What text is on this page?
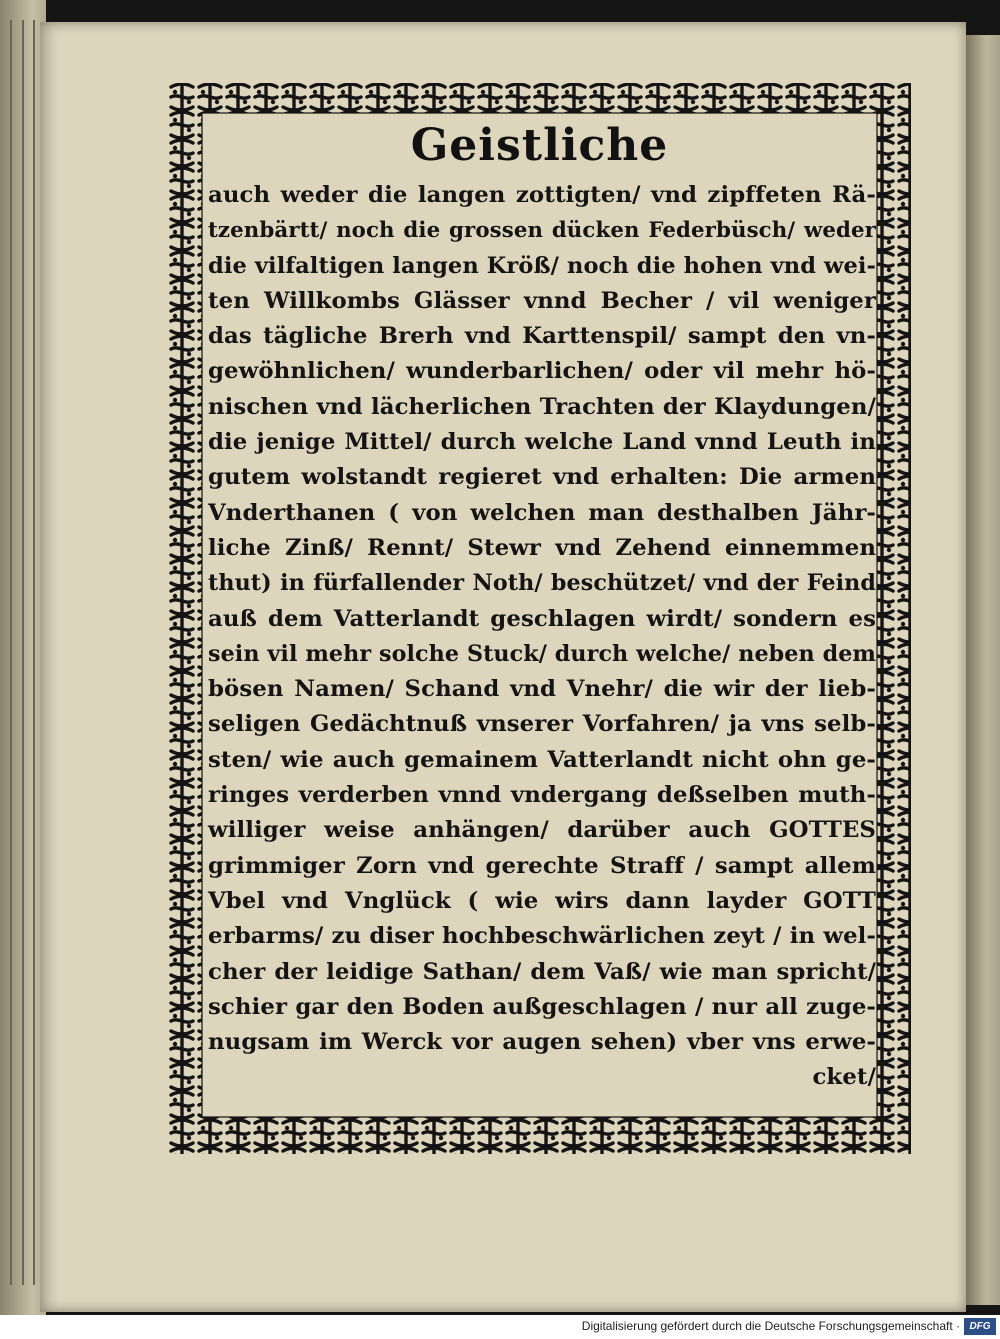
Geistliche
auch weder die langen zottigten/ vnd zipffeten Rä-
tzenbärtt/ noch die grossen dücken Federbüsch/ weder
die vilfaltigen langen Kröß/ noch die hohen vnd wei-
ten Willkombs Glässer vnnd Becher / vil weniger
das tägliche Brerh vnd Karttenspil/ sampt den vn-
gewöhnlichen/ wunderbarlichen/ oder vil mehr hö-
nischen vnd lächerlichen Trachten der Klaydungen/
die jenige Mittel/ durch welche Land vnnd Leuth in
gutem wolstandt regieret vnd erhalten: Die armen
Vnderthanen ( von welchen man desthalben Jähr-
liche Zinß/ Rennt/ Stewr vnd Zehend einnemmen
thut) in fürfallender Noth/ beschützet/ vnd der Feind
auß dem Vatterlandt geschlagen wirdt/ sondern es
sein vil mehr solche Stuck/ durch welche/ neben dem
bösen Namen/ Schand vnd Vnehr/ die wir der lieb-
seligen Gedächtnuß vnserer Vorfahren/ ja vns selb-
sten/ wie auch gemainem Vatterlandt nicht ohn ge-
ringes verderben vnnd vndergang deßselben muth-
williger weise anhängen/ darüber auch GOTTES
grimmiger Zorn vnd gerechte Straff / sampt allem
Vbel vnd Vnglück ( wie wirs dann layder GOTT
erbarms/ zu diser hochbeschwärlichen zeyt / in wel-
cher der leidige Sathan/ dem Vaß/ wie man spricht/
schier gar den Boden außgeschlagen / nur all zuge-
nugsam im Werck vor augen sehen) vber vns erwe-
cket/
Digitalisierung gefördert durch die Deutsche Forschungsgemeinschaft · DFG
